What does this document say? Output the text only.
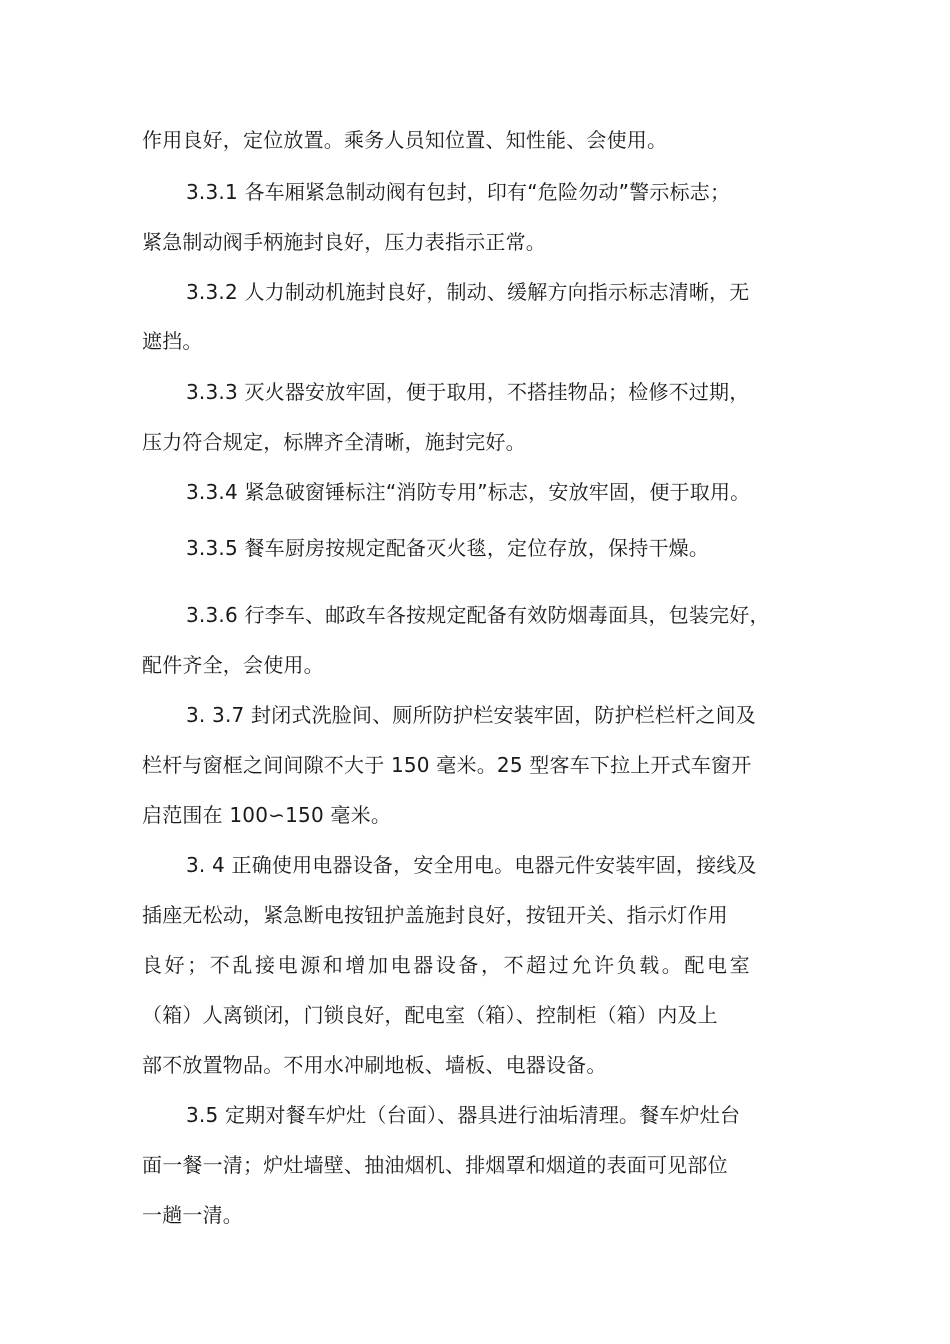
作用良好，定位放置。乘务人员知位置、知性能、会使用。
3.3.1 各车厢紧急制动阀有包封，印有“危险勿动”警示标志；
紧急制动阀手柄施封良好，压力表指示正常。
3.3.2 人力制动机施封良好，制动、缓解方向指示标志清晰，无
遮挡。
3.3.3 灭火器安放牢固，便于取用，不搭挂物品；检修不过期，
压力符合规定，标牌齐全清晰，施封完好。
3.3.4 紧急破窗锤标注“消防专用”标志，安放牢固，便于取用。
3.3.5 餐车厨房按规定配备灭火毯，定位存放，保持干燥。
3.3.6 行李车、邮政车各按规定配备有效防烟毒面具，包装完好，
配件齐全，会使用。
3. 3.7 封闭式洗脸间、厕所防护栏安装牢固，防护栏栏杆之间及
栏杆与窗框之间间隙不大于 150 毫米。25 型客车下拉上开式车窗开
启范围在 100∽150 毫米。
3. 4 正确使用电器设备，安全用电。电器元件安装牢固，接线及
插座无松动，紧急断电按钮护盖施封良好，按钮开关、指示灯作用
良好；不乱接电源和增加电器设备，不超过允许负载。配电室
（箱）人离锁闭，门锁良好，配电室（箱）、控制柜（箱）内及上
部不放置物品。不用水冲刷地板、墙板、电器设备。
3.5 定期对餐车炉灶（台面）、器具进行油垢清理。餐车炉灶台
面一餐一清；炉灶墙壁、抽油烟机、排烟罩和烟道的表面可见部位
一趟一清。
